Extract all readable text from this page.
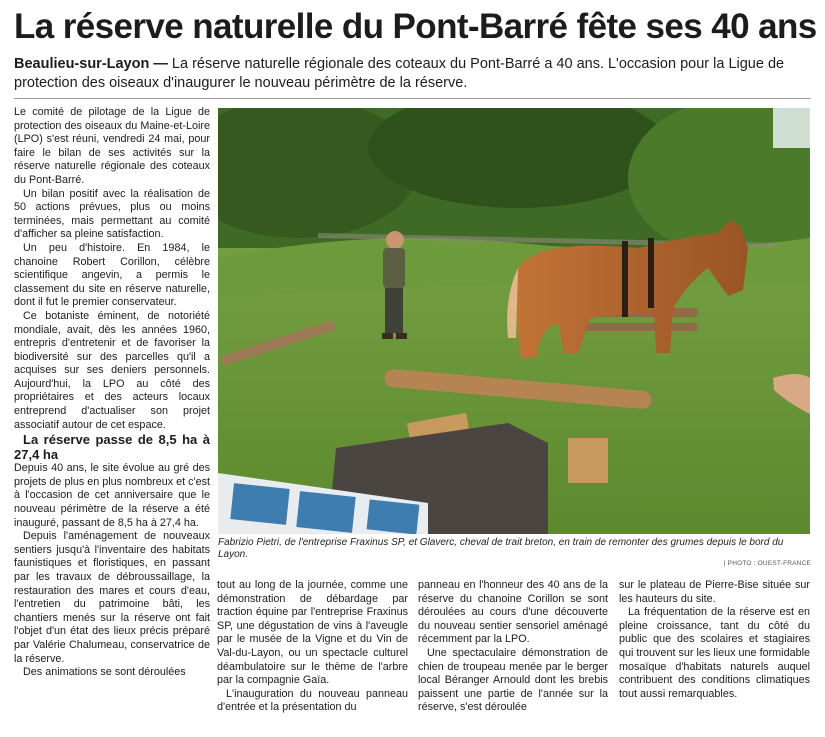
La réserve naturelle du Pont-Barré fête ses 40 ans
Beaulieu-sur-Layon — La réserve naturelle régionale des coteaux du Pont-Barré a 40 ans. L'occasion pour la Ligue de protection des oiseaux d'inaugurer le nouveau périmètre de la réserve.

Le comité de pilotage de la Ligue de protection des oiseaux du Maine-et-Loire (LPO) s'est réuni, vendredi 24 mai, pour faire le bilan de ses activités sur la réserve naturelle régionale des coteaux du Pont-Barré.

Un bilan positif avec la réalisation de 50 actions prévues, plus ou moins terminées, mais permettant au comité d'afficher sa pleine satisfaction.

Un peu d'histoire. En 1984, le chanoine Robert Corillon, célèbre scientifique angevin, a permis le classement du site en réserve naturelle, dont il fut le premier conservateur.

Ce botaniste éminent, de notoriété mondiale, avait, dès les années 1960, entrepris d'entretenir et de favoriser la biodiversité sur des parcelles qu'il a acquises sur ses deniers personnels. Aujourd'hui, la LPO au côté des propriétaires et des acteurs locaux entreprend d'actualiser son projet associatif autour de cet espace.

La réserve passe de 8,5 ha à 27,4 ha

Depuis 40 ans, le site évolue au gré des projets de plus en plus nombreux et c'est à l'occasion de cet anniversaire que le nouveau périmètre de la réserve a été inauguré, passant de 8,5 ha à 27,4 ha.

Depuis l'aménagement de nouveaux sentiers jusqu'à l'inventaire des habitats faunistiques et floristiques, en passant par les travaux de débroussaillage, la restauration des mares et cours d'eau, l'entretien du patrimoine bâti, les chantiers menés sur la réserve ont fait l'objet d'un état des lieux précis préparé par Valérie Chalumeau, conservatrice de la réserve.

Des animations se sont déroulées

Fabrizio Pietri, de l'entreprise Fraxinus SP, et Glaverc, cheval de trait breton, en train de remonter des grumes depuis le bord du Layon.
| PHOTO : OUEST-FRANCE

tout au long de la journée, comme une démonstration de débardage par traction équine par l'entreprise Fraxinus SP, une dégustation de vins à l'aveugle par le musée de la Vigne et du Vin de Val-du-Layon, ou un spectacle culturel déambulatoire sur le thème de l'arbre par la compagnie Gaïa.

L'inauguration du nouveau panneau d'entrée et la présentation du

panneau en l'honneur des 40 ans de la réserve du chanoine Corillon se sont déroulées au cours d'une découverte du nouveau sentier sensoriel aménagé récemment par la LPO.

Une spectaculaire démonstration de chien de troupeau menée par le berger local Béranger Arnould dont les brebis paissent une partie de l'année sur la réserve, s'est déroulée

sur le plateau de Pierre-Bise située sur les hauteurs du site.

La fréquentation de la réserve est en pleine croissance, tant du côté du public que des scolaires et stagiaires qui trouvent sur les lieux une formidable mosaïque d'habitats naturels auquel contribuent des conditions climatiques tout aussi remarquables.
